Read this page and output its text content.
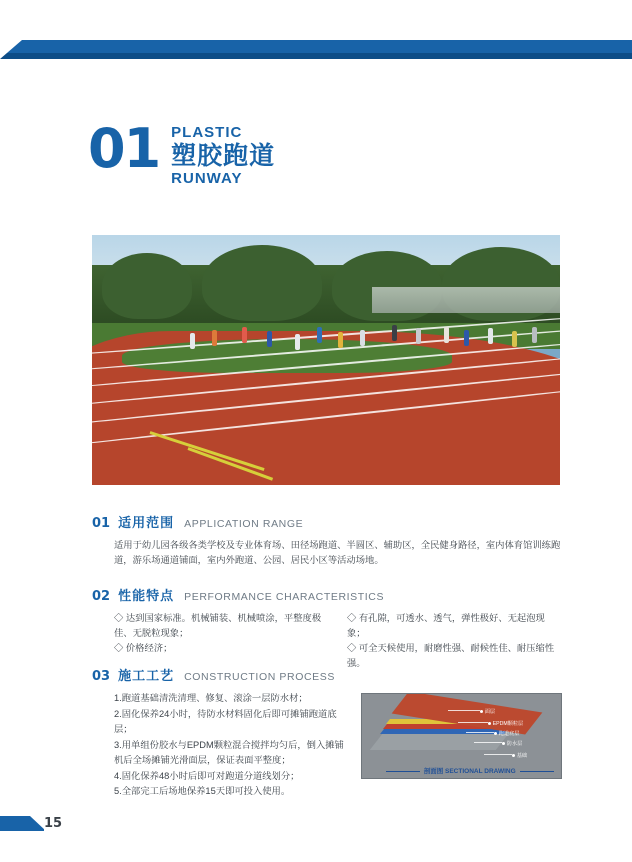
01 PLASTIC
塑胶跑道
RUNWAY
01 适用范围 APPLICATION RANGE

适用于幼儿园各级各类学校及专业体育场、田径场跑道、半圆区、辅助区，全民健身路径，室内体育馆训练跑道，游乐场通道铺面，室内外跑道、公园、居民小区等活动场地。

02 性能特点 PERFORMANCE CHARACTERISTICS

◇ 达到国家标准。机械铺装、机械喷涂，平整度极佳、无脱粒现象；

◇ 价格经济；

◇ 有孔隙，可透水、透气，弹性极好、无起泡现象；

◇ 可全天候使用，耐磨性强、耐候性佳、耐压缩性强。

03 施工工艺 CONSTRUCTION PROCESS

1.跑道基础清洗清理、修复、滚涂一层防水材；

2.固化保养24小时，待防水材料固化后即可摊铺跑道底层；

3.用单组份胶水与EPDM颗粒混合搅拌均匀后，倒入摊铺机后全场摊铺光滑面层，保证表面平整度；

4.固化保养48小时后即可对跑道分道线划分；

5.全部完工后场地保养15天即可投入使用。

面层
EPDM颗粒层
跑道底层
防水层
基础
剖面图 SECTIONAL DRAWING
15
